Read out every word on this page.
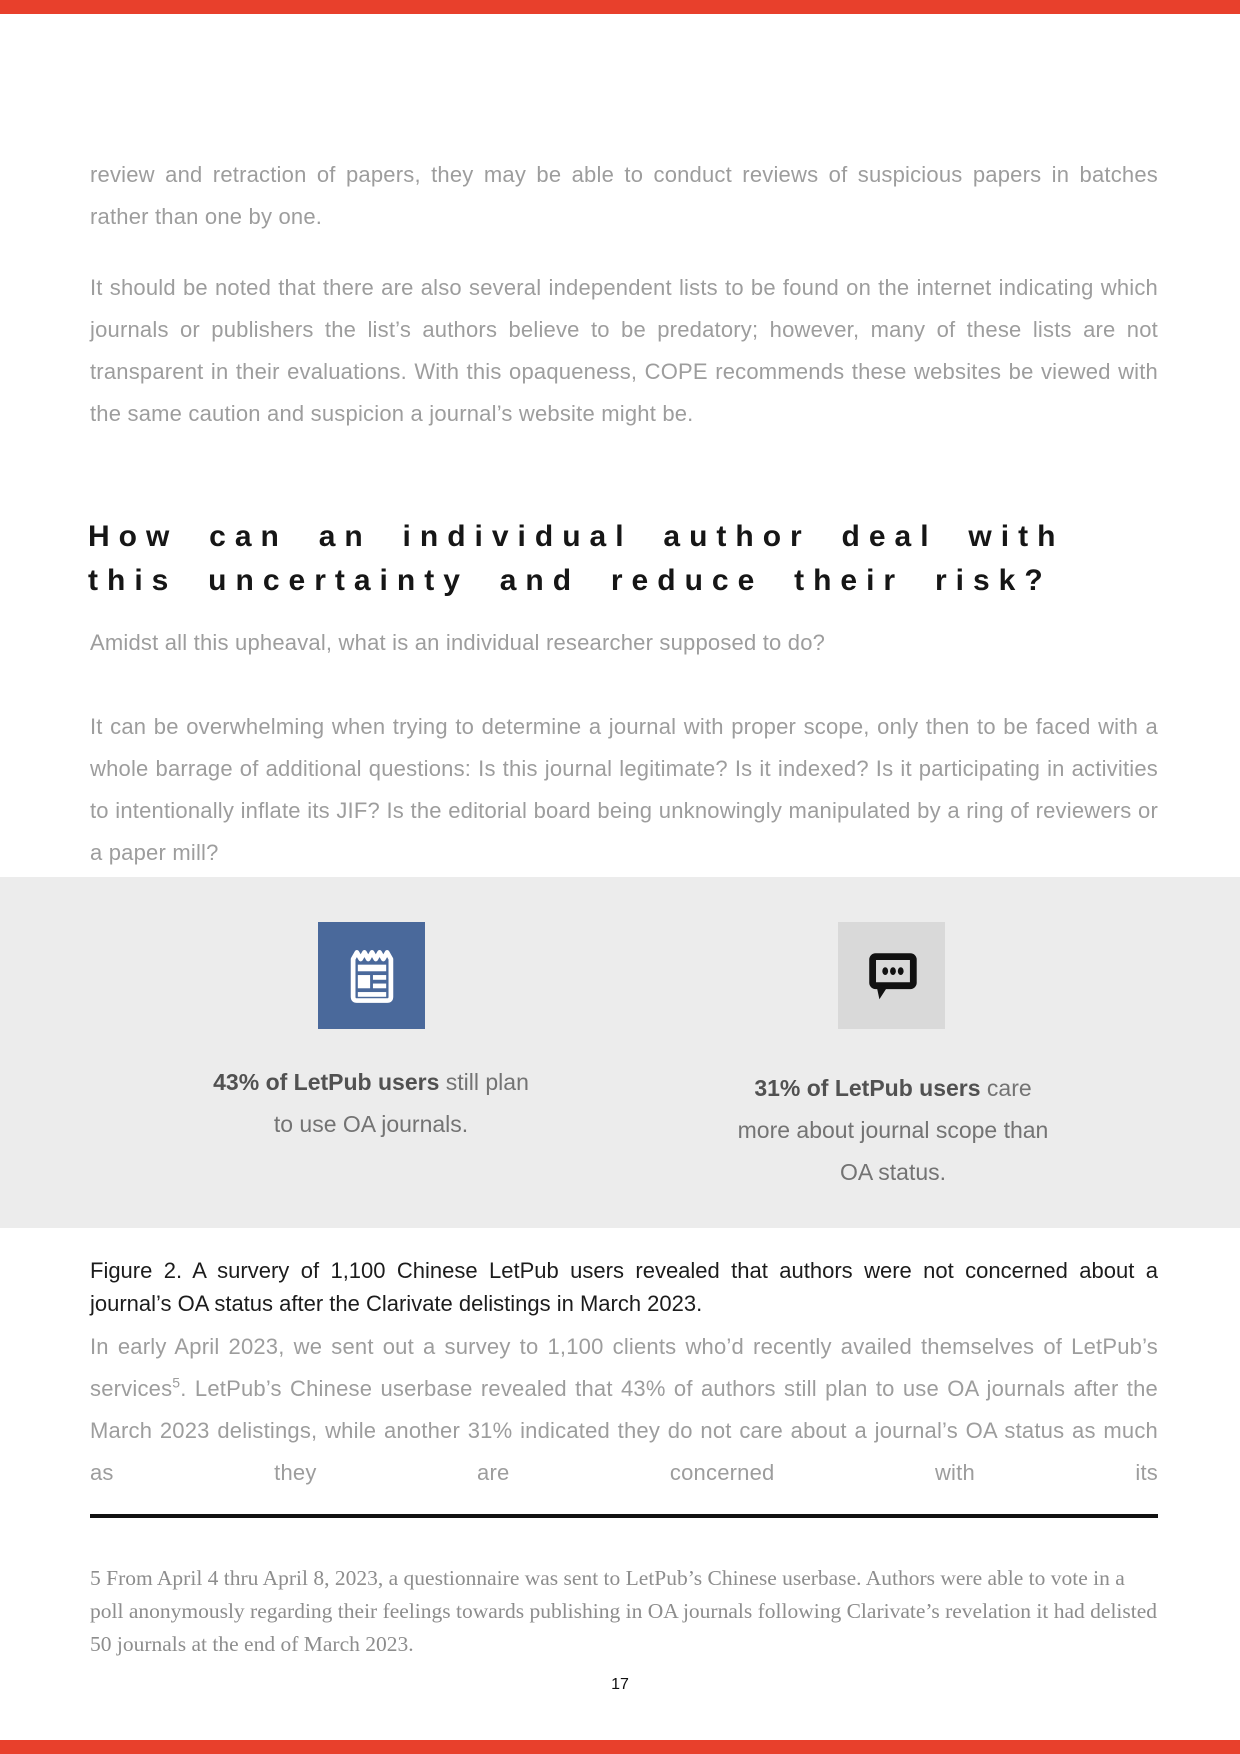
review and retraction of papers, they may be able to conduct reviews of suspicious papers in batches rather than one by one.

It should be noted that there are also several independent lists to be found on the internet indicating which journals or publishers the list’s authors believe to be predatory; however, many of these lists are not transparent in their evaluations. With this opaqueness, COPE recommends these websites be viewed with the same caution and suspicion a journal’s website might be.

How can an individual author deal with
this uncertainty and reduce their risk?

Amidst all this upheaval, what is an individual researcher supposed to do?

It can be overwhelming when trying to determine a journal with proper scope, only then to be faced with a whole barrage of additional questions: Is this journal legitimate? Is it indexed? Is it participating in activities to intentionally inflate its JIF? Is the editorial board being unknowingly manipulated by a ring of reviewers or a paper mill?

43% of LetPub users still plan to use OA journals.
31% of LetPub users care more about journal scope than OA status.

Figure 2. A survery of 1,100 Chinese LetPub users revealed that authors were not concerned about a journal’s OA status after the Clarivate delistings in March 2023.

In early April 2023, we sent out a survey to 1,100 clients who’d recently availed themselves of LetPub’s services$^5$. LetPub’s Chinese userbase revealed that 43% of authors still plan to use OA journals after the March 2023 delistings, while another 31% indicated they do not care about a journal’s OA status as much as they are concerned with its

5 From April 4 thru April 8, 2023, a questionnaire was sent to LetPub’s Chinese userbase. Authors were able to vote in a poll anonymously regarding their feelings towards publishing in OA journals following Clarivate’s revelation it had delisted 50 journals at the end of March 2023.

17
